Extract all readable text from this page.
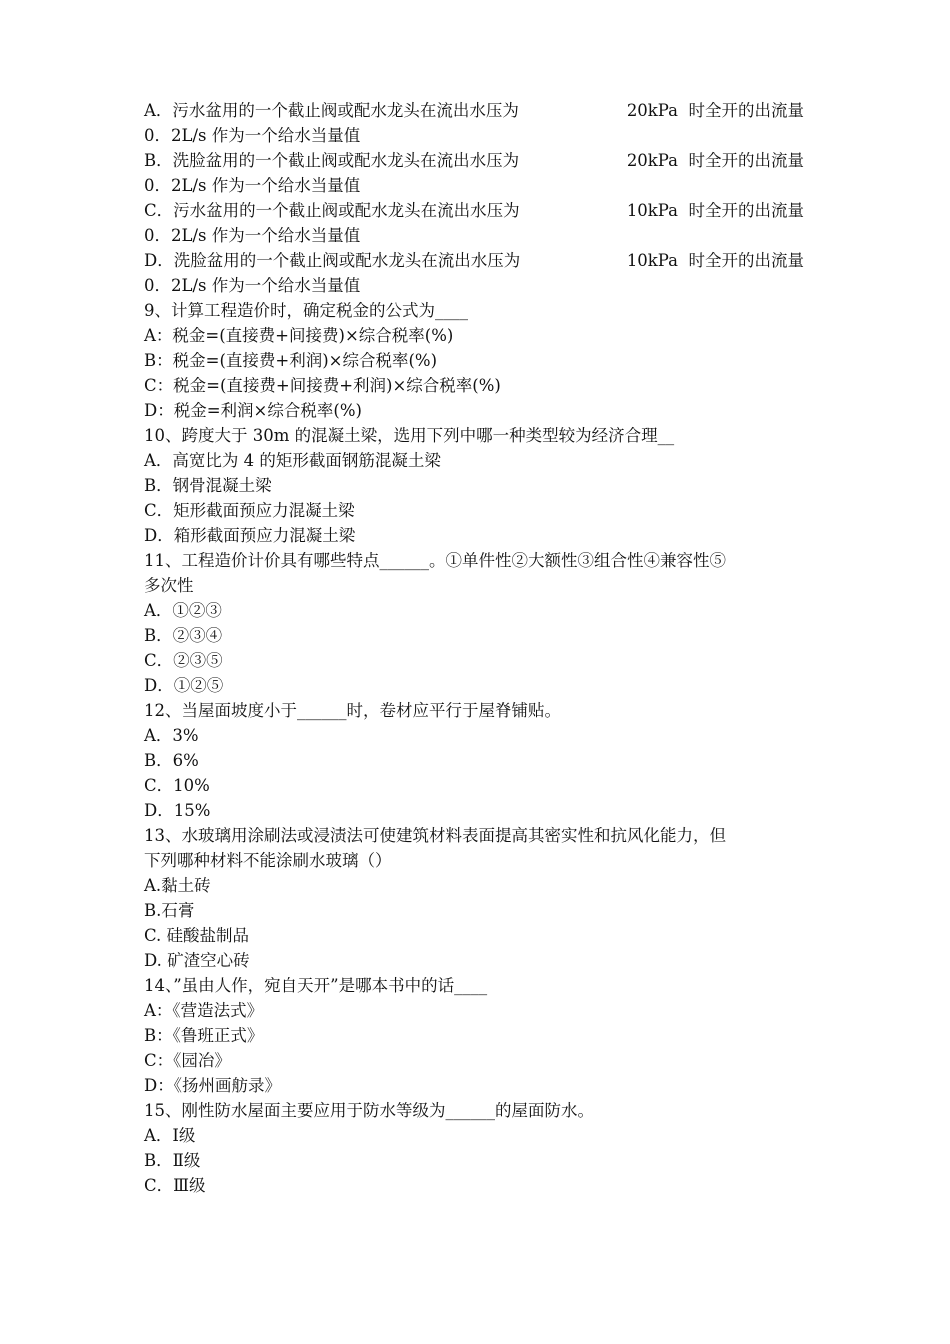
A．污水盆用的一个截止阀或配水龙头在流出水压为	20kPa  时全开的出流量
0．2L/s 作为一个给水当量值
B．洗脸盆用的一个截止阀或配水龙头在流出水压为	20kPa  时全开的出流量
0．2L/s 作为一个给水当量值
C．污水盆用的一个截止阀或配水龙头在流出水压为	10kPa  时全开的出流量
0．2L/s 作为一个给水当量值
D．洗脸盆用的一个截止阀或配水龙头在流出水压为	10kPa  时全开的出流量
0．2L/s 作为一个给水当量值
9、计算工程造价时，确定税金的公式为____
A：税金=(直接费+间接费)×综合税率(%)
B：税金=(直接费+利润)×综合税率(%)
C：税金=(直接费+间接费+利润)×综合税率(%)
D：税金=利润×综合税率(%)
10、跨度大于 30m 的混凝土梁，选用下列中哪一种类型较为经济合理__
A．高宽比为 4 的矩形截面钢筋混凝土梁
B．钢骨混凝土梁
C．矩形截面预应力混凝土梁
D．箱形截面预应力混凝土梁
11、工程造价计价具有哪些特点______。①单件性②大额性③组合性④兼容性⑤
多次性
A．①②③
B．②③④
C．②③⑤
D．①②⑤
12、当屋面坡度小于______时，卷材应平行于屋脊铺贴。
A．3%
B．6%
C．10%
D．15%
13、水玻璃用涂刷法或浸渍法可使建筑材料表面提高其密实性和抗风化能力，但
下列哪种材料不能涂刷水玻璃（）
A.黏土砖
B.石膏
C. 硅酸盐制品
D. 矿渣空心砖
14、”虽由人作，宛自天开”是哪本书中的话____
A：《营造法式》
B：《鲁班正式》
C：《园冶》
D：《扬州画舫录》
15、刚性防水屋面主要应用于防水等级为______的屋面防水。
A．Ⅰ级
B．Ⅱ级
C．Ⅲ级
